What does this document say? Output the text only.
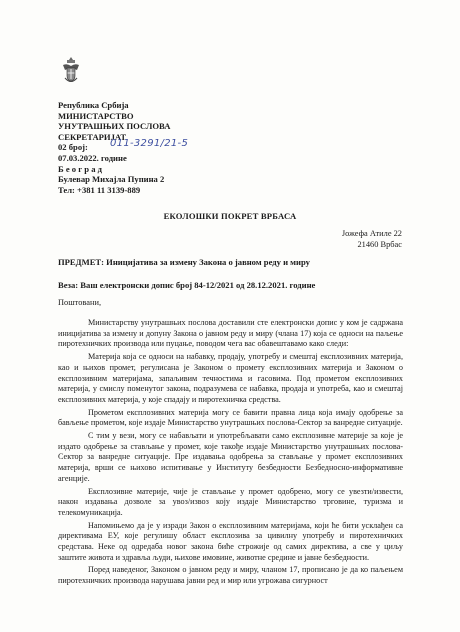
Република Србија
МИНИСТАРСТВО
УНУТРАШЊИХ ПОСЛОВА
СЕКРЕТАРИЈАТ
02 број: 011-3291/21-5
07.03.2022. године
Б е о г р а д
Булевар Михајла Пупина 2
Тел: +381 11 3139-889
ЕКОЛОШКИ ПОКРЕТ ВРБАСА
Јожефа Атиле 22
21460 Врбас
ПРЕДМЕТ: Иницијатива за измену Закона о јавном реду и миру
Веза: Ваш електронски допис број 84-12/2021 од 28.12.2021. године
Поштовани,

Министарству унутрашњих послова доставили сте електронски допис у ком је садржана иницијатива за измену и допуну Закона о јавном реду и миру (члана 17) која се односи на паљење пиротехничких производа или пуцање, поводом чега вас обавештавамо како следи:

Материја која се односи на набавку, продају, употребу и смештај експлозивних материја, као и њихов промет, регулисана је Законом о промету експлозивних материја и Законом о експлозивним материјама, запаљивим течностима и гасовима. Под прометом експлозивних материја, у смислу поменутог закона, подразумева се набавка, продаја и употреба, као и смештај експлозивних материја, у које спадају и пиротехничка средства.

Прометом експлозивних материја могу се бавити правна лица која имају одобрење за бављење прометом, које издаје Министарство унутрашњих послова-Сектор за ванредне ситуације.

С тим у вези, могу се набављати и употребљавати само експлозивне материје за које је издато одобрење за стављање у промет, које такође издаје Министарство унутрашњих послова-Сектор за ванредне ситуације. Пре издавања одобрења за стављање у промет експлозивних материја, врши се њихово испитивање у Институту безбедности Безбедносно-информативне агенције.

Експлозивне материје, чије је стављање у промет одобрено, могу се увезти/извести, након издавања дозволе за увоз/извоз коју издаје Министарство трговине, туризма и телекомуникација.

Напомињемо да је у изради Закон о експлозивним материјама, који ће бити усклађен са директивама ЕУ, које регулишу област експлозива за цивилну употребу и пиротехничких средстава. Неке од одредаба новог закона биће строжије од самих директива, а све у циљу заштите живота и здравља људи, њихове имовине, животне средине и јавне безбедности.

Поред наведеног, Законом о јавном реду и миру, чланом 17, прописано је да ко паљењем пиротехничких производа нарушава јавни ред и мир или угрожава сигурност
